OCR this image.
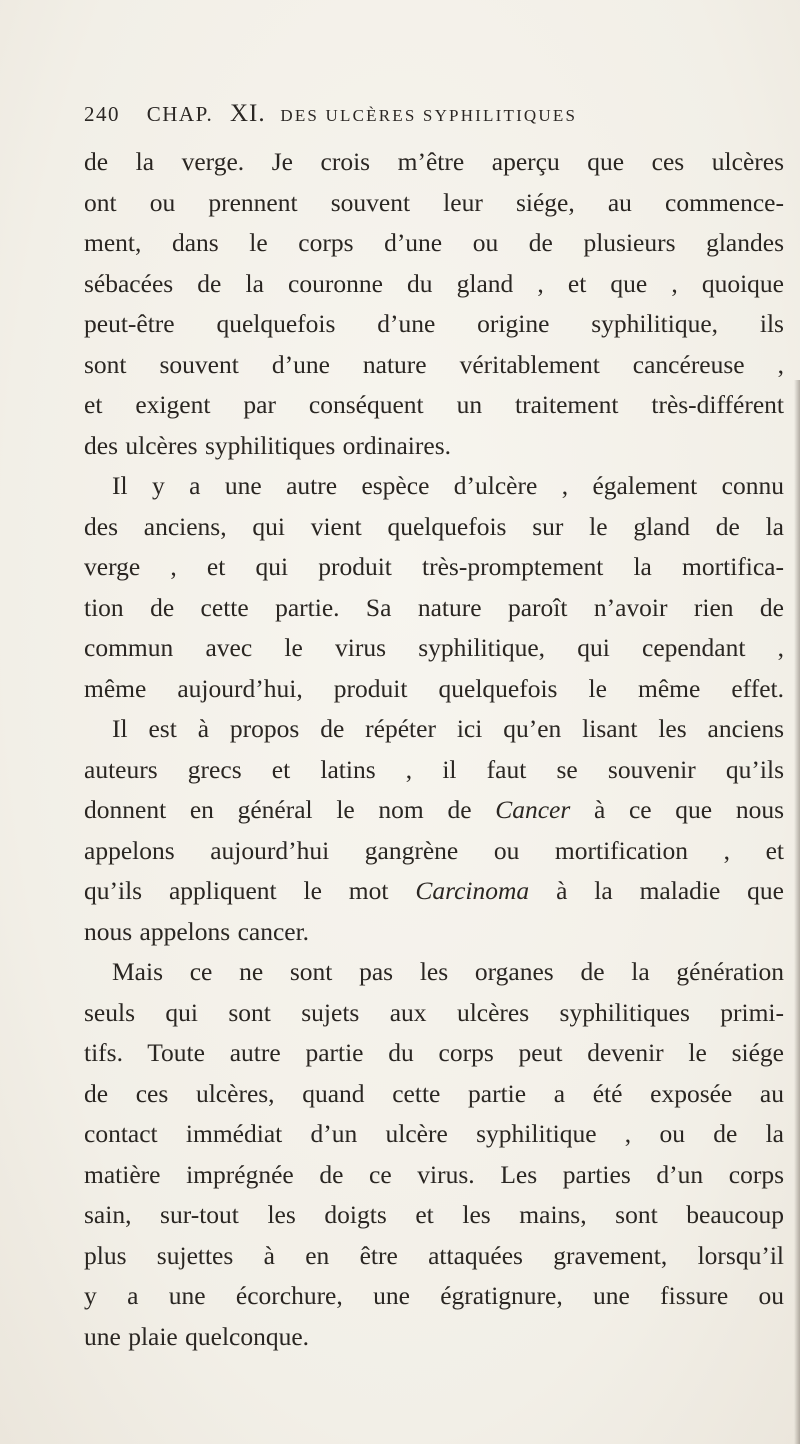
240 CHAP. XI. DES ULCÈRES SYPHILITIQUES
de la verge. Je crois m’être aperçu que ces ulcères
ont ou prennent souvent leur siége, au commence-
ment, dans le corps d’une ou de plusieurs glandes
sébacées de la couronne du gland , et que , quoique
peut-être quelquefois d’une origine syphilitique, ils
sont souvent d’une nature véritablement cancéreuse ,
et exigent par conséquent un traitement très-différent
des ulcères syphilitiques ordinaires.
Il y a une autre espèce d’ulcère , également connu
des anciens, qui vient quelquefois sur le gland de la
verge , et qui produit très-promptement la mortifica-
tion de cette partie. Sa nature paroît n’avoir rien de
commun avec le virus syphilitique, qui cependant ,
même aujourd’hui, produit quelquefois le même effet.
Il est à propos de répéter ici qu’en lisant les anciens
auteurs grecs et latins , il faut se souvenir qu’ils
donnent en général le nom de Cancer à ce que nous
appelons aujourd’hui gangrène ou mortification , et
qu’ils appliquent le mot Carcinoma à la maladie que
nous appelons cancer.
Mais ce ne sont pas les organes de la génération
seuls qui sont sujets aux ulcères syphilitiques primi-
tifs. Toute autre partie du corps peut devenir le siége
de ces ulcères, quand cette partie a été exposée au
contact immédiat d’un ulcère syphilitique , ou de la
matière imprégnée de ce virus. Les parties d’un corps
sain, sur-tout les doigts et les mains, sont beaucoup
plus sujettes à en être attaquées gravement, lorsqu’il
y a une écorchure, une égratignure, une fissure ou
une plaie quelconque.
